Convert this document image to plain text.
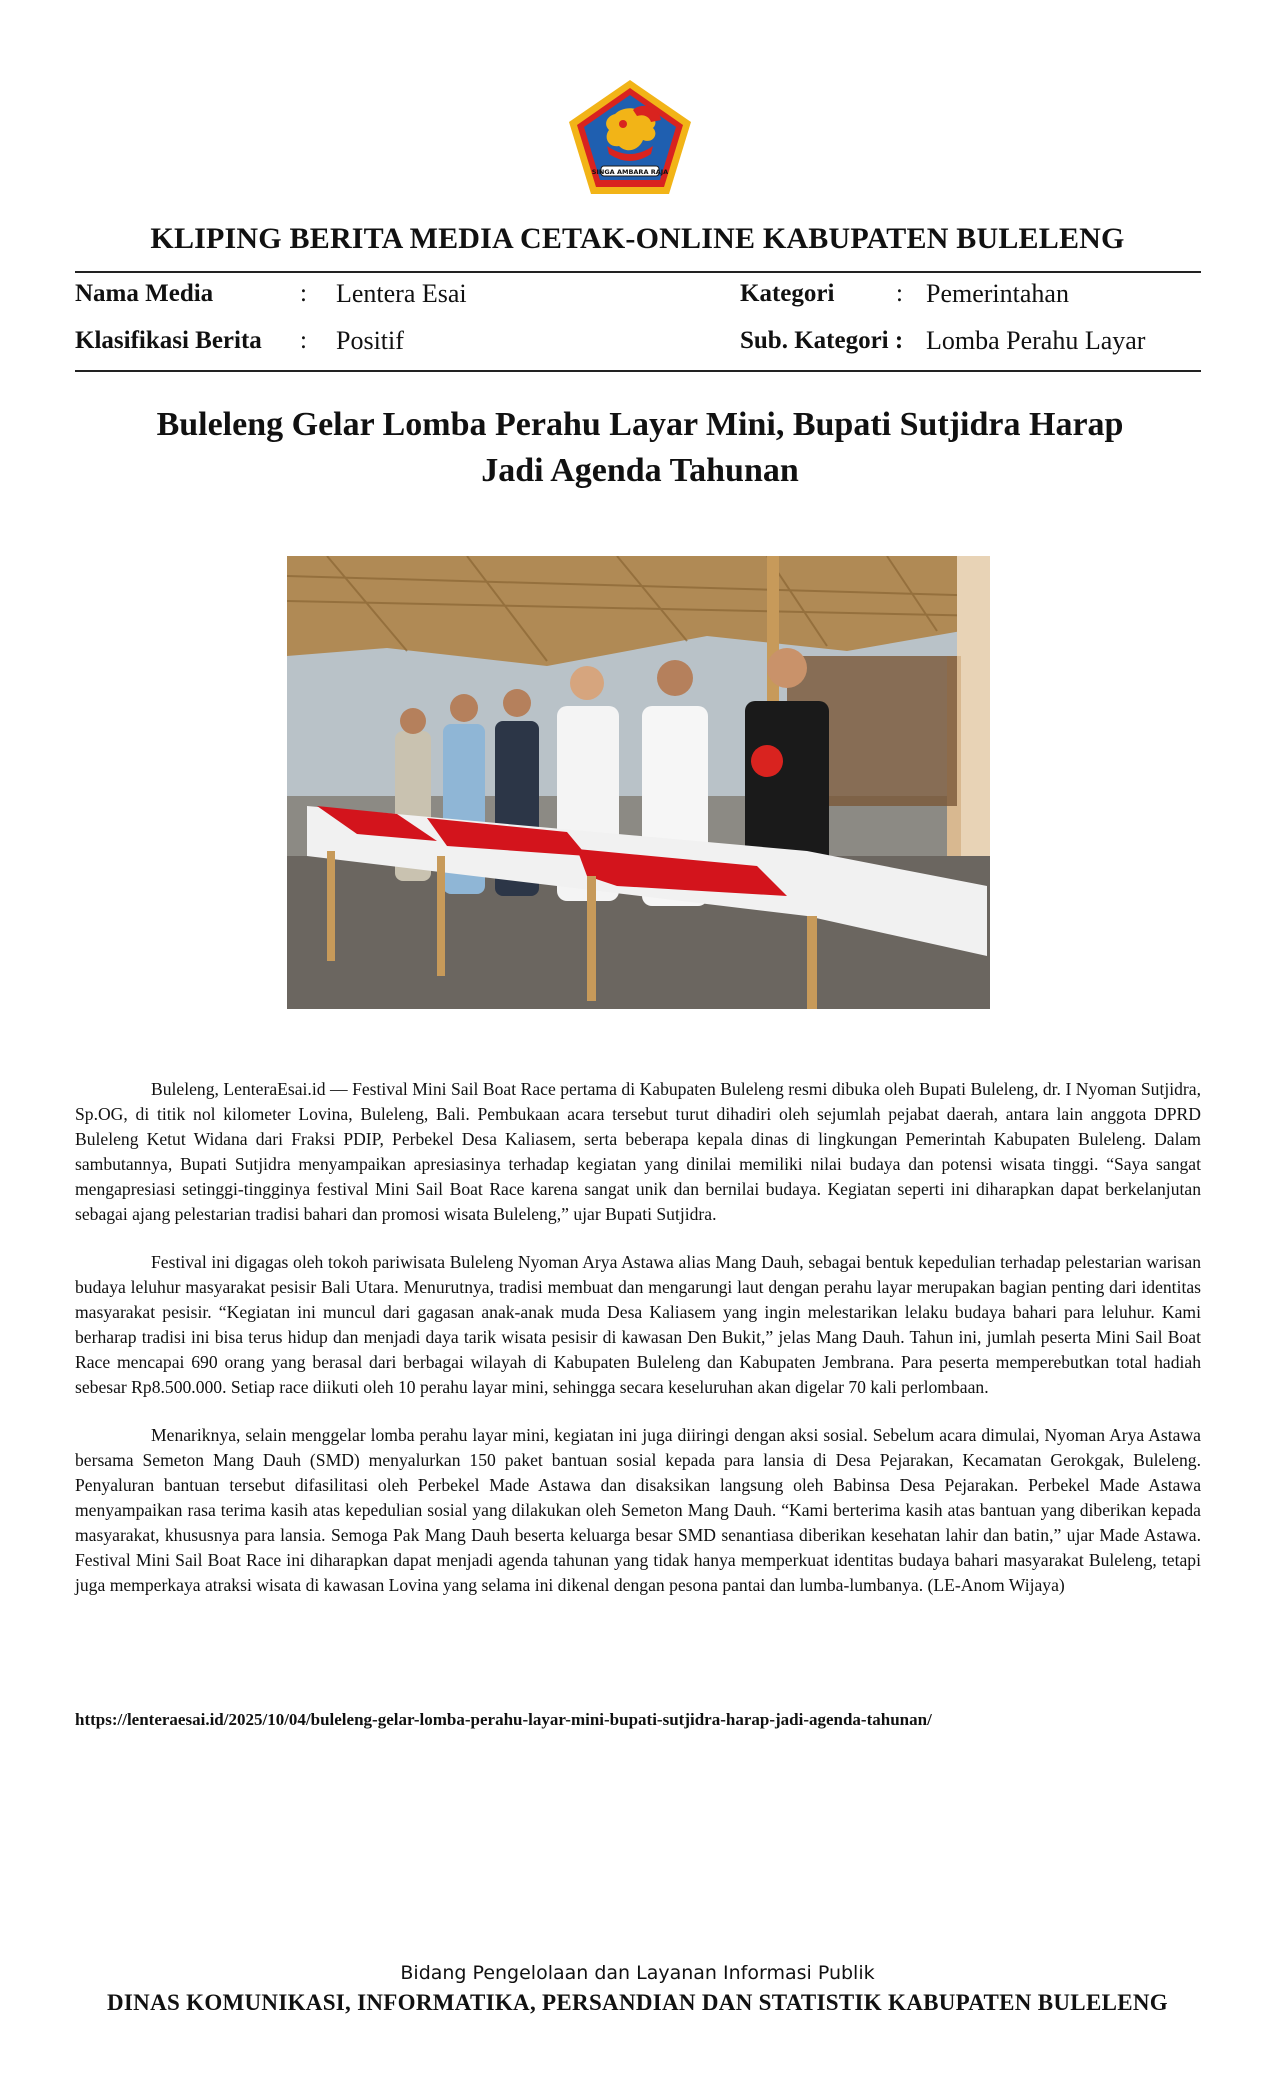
SINGA AMBARA RAJA
KLIPING BERITA MEDIA CETAK-ONLINE KABUPATEN BULELENG
Nama Media	: Lentera Esai
Klasifikasi Berita : Positif
Kategori : Pemerintahan
Sub. Kategori : Lomba Perahu Layar
Buleleng Gelar Lomba Perahu Layar Mini, Bupati Sutjidra Harap
Jadi Agenda Tahunan

Buleleng, LenteraEsai.id — Festival Mini Sail Boat Race pertama di Kabupaten Buleleng resmi dibuka oleh Bupati Buleleng, dr. I Nyoman Sutjidra, Sp.OG, di titik nol kilometer Lovina, Buleleng, Bali. Pembukaan acara tersebut turut dihadiri oleh sejumlah pejabat daerah, antara lain anggota DPRD Buleleng Ketut Widana dari Fraksi PDIP, Perbekel Desa Kaliasem, serta beberapa kepala dinas di lingkungan Pemerintah Kabupaten Buleleng. Dalam sambutannya, Bupati Sutjidra menyampaikan apresiasinya terhadap kegiatan yang dinilai memiliki nilai budaya dan potensi wisata tinggi. “Saya sangat mengapresiasi setinggi-tingginya festival Mini Sail Boat Race karena sangat unik dan bernilai budaya. Kegiatan seperti ini diharapkan dapat berkelanjutan sebagai ajang pelestarian tradisi bahari dan promosi wisata Buleleng,” ujar Bupati Sutjidra.

Festival ini digagas oleh tokoh pariwisata Buleleng Nyoman Arya Astawa alias Mang Dauh, sebagai bentuk kepedulian terhadap pelestarian warisan budaya leluhur masyarakat pesisir Bali Utara. Menurutnya, tradisi membuat dan mengarungi laut dengan perahu layar merupakan bagian penting dari identitas masyarakat pesisir. “Kegiatan ini muncul dari gagasan anak-anak muda Desa Kaliasem yang ingin melestarikan lelaku budaya bahari para leluhur. Kami berharap tradisi ini bisa terus hidup dan menjadi daya tarik wisata pesisir di kawasan Den Bukit,” jelas Mang Dauh. Tahun ini, jumlah peserta Mini Sail Boat Race mencapai 690 orang yang berasal dari berbagai wilayah di Kabupaten Buleleng dan Kabupaten Jembrana. Para peserta memperebutkan total hadiah sebesar Rp8.500.000. Setiap race diikuti oleh 10 perahu layar mini, sehingga secara keseluruhan akan digelar 70 kali perlombaan.

Menariknya, selain menggelar lomba perahu layar mini, kegiatan ini juga diiringi dengan aksi sosial. Sebelum acara dimulai, Nyoman Arya Astawa bersama Semeton Mang Dauh (SMD) menyalurkan 150 paket bantuan sosial kepada para lansia di Desa Pejarakan, Kecamatan Gerokgak, Buleleng. Penyaluran bantuan tersebut difasilitasi oleh Perbekel Made Astawa dan disaksikan langsung oleh Babinsa Desa Pejarakan. Perbekel Made Astawa menyampaikan rasa terima kasih atas kepedulian sosial yang dilakukan oleh Semeton Mang Dauh. “Kami berterima kasih atas bantuan yang diberikan kepada masyarakat, khususnya para lansia. Semoga Pak Mang Dauh beserta keluarga besar SMD senantiasa diberikan kesehatan lahir dan batin,” ujar Made Astawa. Festival Mini Sail Boat Race ini diharapkan dapat menjadi agenda tahunan yang tidak hanya memperkuat identitas budaya bahari masyarakat Buleleng, tetapi juga memperkaya atraksi wisata di kawasan Lovina yang selama ini dikenal dengan pesona pantai dan lumba-lumbanya. (LE-Anom Wijaya)

https://lenteraesai.id/2025/10/04/buleleng-gelar-lomba-perahu-layar-mini-bupati-sutjidra-harap-jadi-agenda-tahunan/
Bidang Pengelolaan dan Layanan Informasi Publik
DINAS KOMUNIKASI, INFORMATIKA, PERSANDIAN DAN STATISTIK KABUPATEN BULELENG
